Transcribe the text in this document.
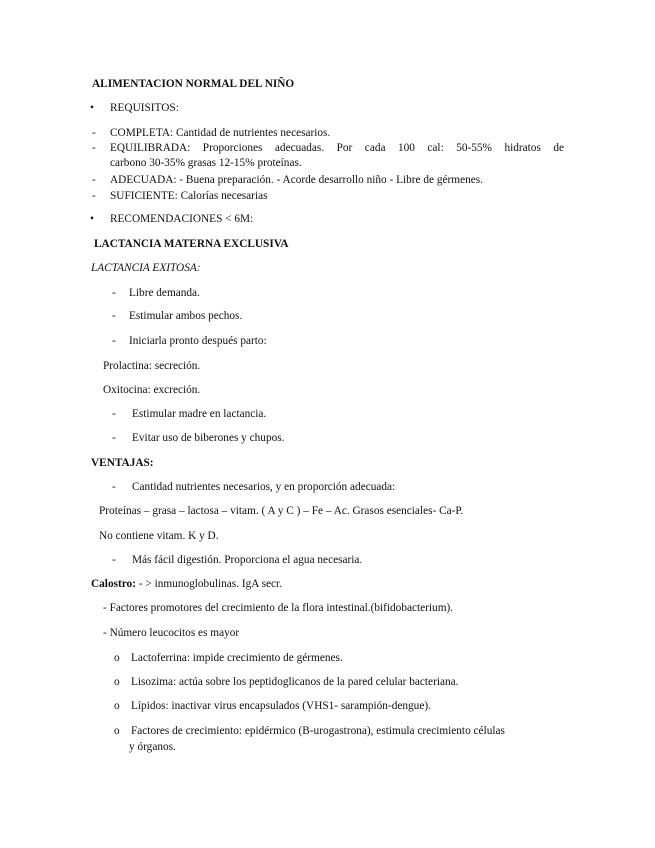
ALIMENTACION NORMAL DEL NIÑO
• REQUISITOS:
- COMPLETA: Cantidad de nutrientes necesarios.
- EQUILIBRADA: Proporciones adecuadas. Por cada 100 cal: 50-55% hidratos de
carbono 30-35% grasas 12-15% proteínas.
- ADECUADA: - Buena preparación. - Acorde desarrollo niño - Libre de gérmenes.
- SUFICIENTE: Calorías necesarias
• RECOMENDACIONES < 6M:
LACTANCIA MATERNA EXCLUSIVA
LACTANCIA EXITOSA:
- Libre demanda.
- Estimular ambos pechos.
- Iniciarla pronto después parto:
Prolactina: secreción.
Oxitocina: excreción.
- Estimular madre en lactancia.
- Evitar uso de biberones y chupos.
VENTAJAS:
- Cantidad nutrientes necesarios, y en proporción adecuada:
Proteínas – grasa – lactosa – vitam. ( A y C ) – Fe – Ac. Grasos esenciales- Ca-P.
No contiene vitam. K y D.
- Más fácil digestión. Proporciona el agua necesaria.
Calostro: - > inmunoglobulinas. IgA secr.
- Factores promotores del crecimiento de la flora intestinal.(bifidobacterium).
- Número leucocitos es mayor
o Lactoferrina: impide crecimiento de gérmenes.
o Lisozima: actúa sobre los peptidoglicanos de la pared celular bacteriana.
o Lípidos: inactivar virus encapsulados (VHS1- sarampión-dengue).
o Factores de crecimiento: epidérmico (B-urogastrona), estimula crecimiento células
y órganos.
